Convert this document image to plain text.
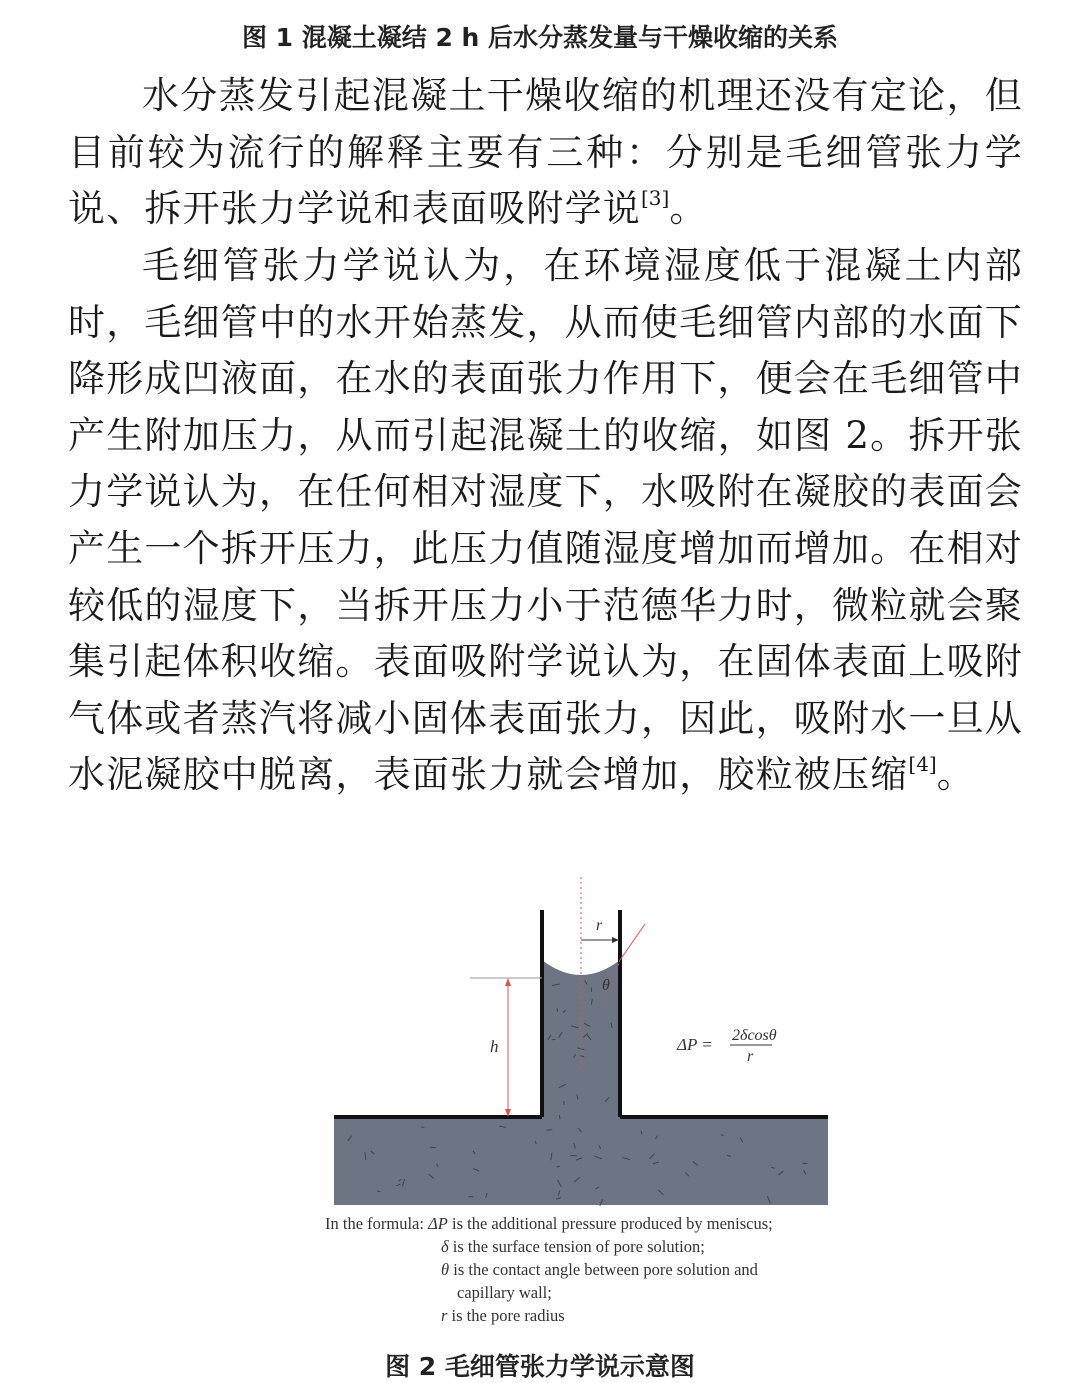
图 1 混凝土凝结 2 h 后水分蒸发量与干燥收缩的关系
水分蒸发引起混凝土干燥收缩的机理还没有定论，但目前较为流行的解释主要有三种：分别是毛细管张力学说、拆开张力学说和表面吸附学说[3]。
毛细管张力学说认为，在环境湿度低于混凝土内部时，毛细管中的水开始蒸发，从而使毛细管内部的水面下降形成凹液面，在水的表面张力作用下，便会在毛细管中产生附加压力，从而引起混凝土的收缩，如图 2。拆开张力学说认为，在任何相对湿度下，水吸附在凝胶的表面会产生一个拆开压力，此压力值随湿度增加而增加。在相对较低的湿度下，当拆开压力小于范德华力时，微粒就会聚集引起体积收缩。表面吸附学说认为，在固体表面上吸附气体或者蒸汽将减小固体表面张力，因此，吸附水一旦从水泥凝胶中脱离，表面张力就会增加，胶粒被压缩[4]。
r
θ
h	ΔP = 2δcosθ
r
In the formula: ΔP is the additional pressure produced by meniscus;
δ is the surface tension of pore solution;
θ is the contact angle between pore solution and
capillary wall;
r is the pore radius
图 2 毛细管张力学说示意图
